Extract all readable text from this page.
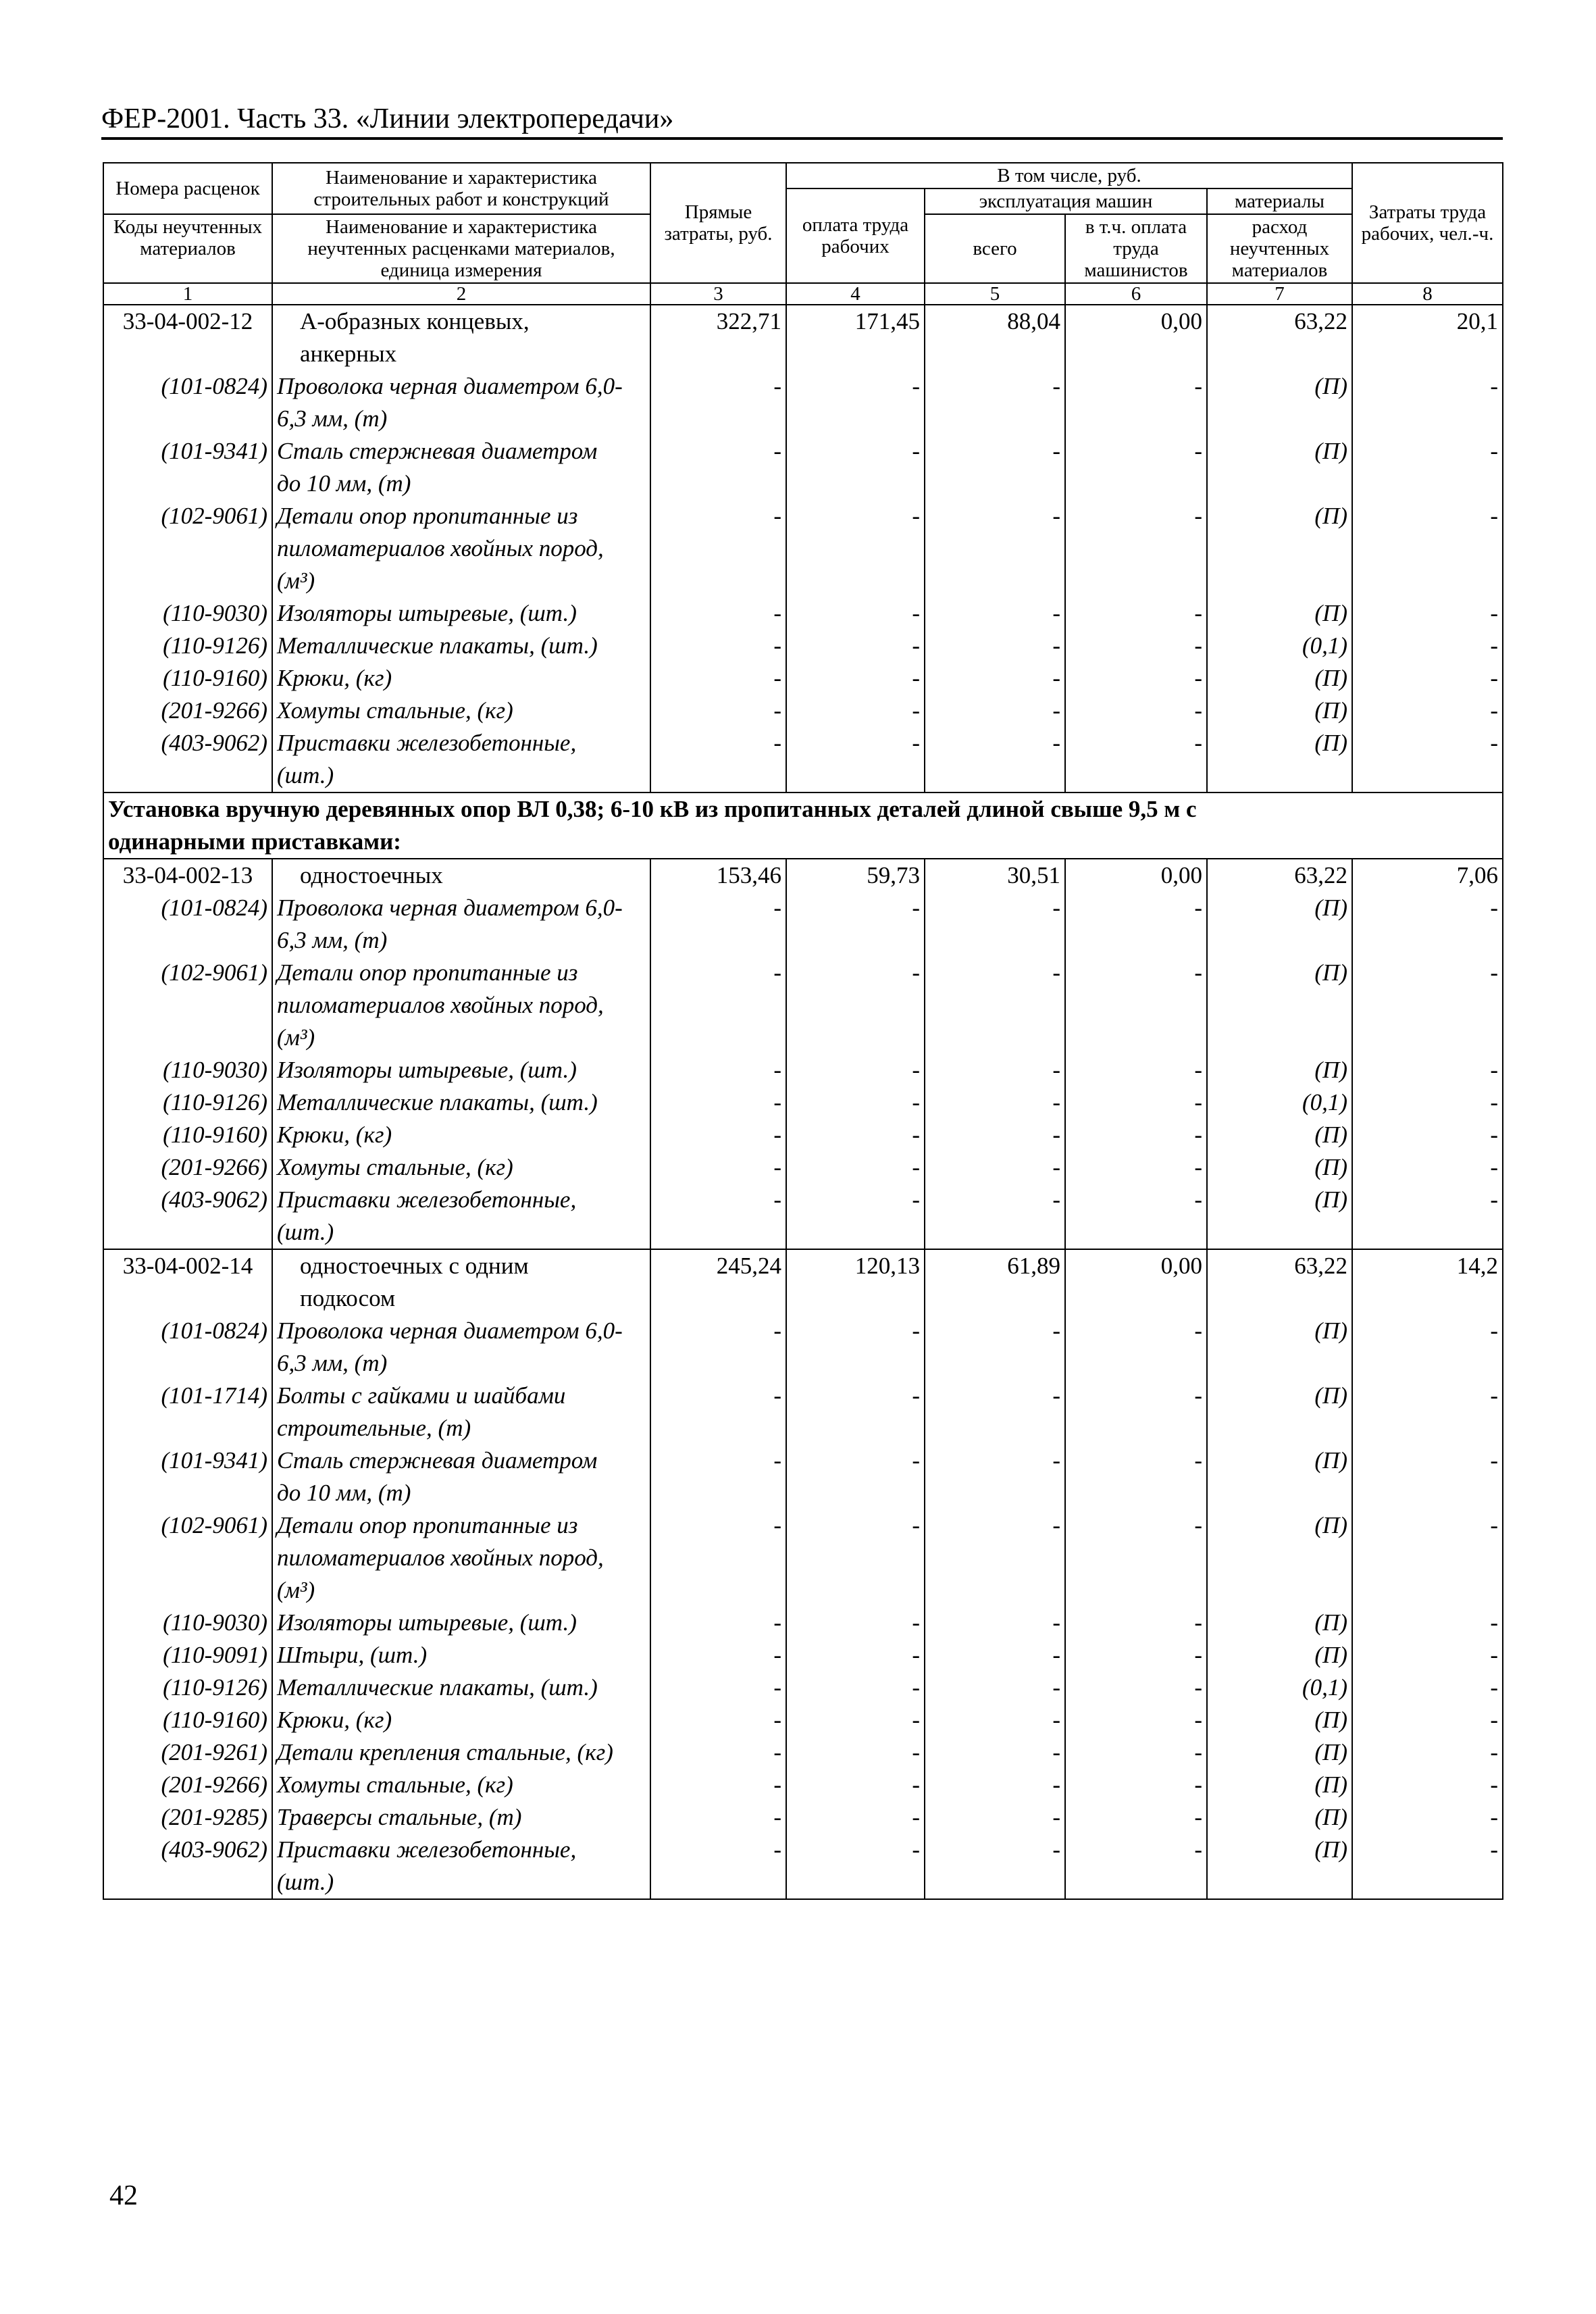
ФЕР-2001. Часть 33. «Линии электропередачи»
Номера расценок	Наименование и характеристика строительных работ и конструкций	Прямые затраты, руб.	В том числе, руб.				Затраты труда рабочих, чел.-ч.
			оплата труда рабочих	эксплуатация машин		материалы	
Коды неучтенных материалов	Наименование и характеристика неучтенных расценками материалов, единица измерения			всего	в т.ч. оплата труда машинистов	расход неучтенных материалов	

1	2	3	4	5	6	7	8
33-04-002-12	А-образных концевых,
анкерных	322,71	171,45	88,04	0,00	63,22	20,1
(101-0824)	Проволока черная диаметром 6,0-
6,3 мм, (т)	-	-	-	-	(П)	-
(101-9341)	Сталь стержневая диаметром
до 10 мм, (т)	-	-	-	-	(П)	-
(102-9061)	Детали опор пропитанные из
пиломатериалов хвойных пород,
(м³)	-	-	-	-	(П)	-
(110-9030)	Изоляторы штыревые, (шт.)	-	-	-	-	(П)	-
(110-9126)	Металлические плакаты, (шт.)	-	-	-	-	(0,1)	-
(110-9160)	Крюки, (кг)	-	-	-	-	(П)	-
(201-9266)	Хомуты стальные, (кг)	-	-	-	-	(П)	-
(403-9062)	Приставки железобетонные,
(шт.)	-	-	-	-	(П)	-

Установка вручную деревянных опор ВЛ 0,38; 6-10 кВ из пропитанных деталей длиной свыше 9,5 м с
одинарными приставками:							

33-04-002-13	одностоечных	153,46	59,73	30,51	0,00	63,22	7,06
(101-0824)	Проволока черная диаметром 6,0-
6,3 мм, (т)	-	-	-	-	(П)	-
(102-9061)	Детали опор пропитанные из
пиломатериалов хвойных пород,
(м³)	-	-	-	-	(П)	-
(110-9030)	Изоляторы штыревые, (шт.)	-	-	-	-	(П)	-
(110-9126)	Металлические плакаты, (шт.)	-	-	-	-	(0,1)	-
(110-9160)	Крюки, (кг)	-	-	-	-	(П)	-
(201-9266)	Хомуты стальные, (кг)	-	-	-	-	(П)	-
(403-9062)	Приставки железобетонные,
(шт.)	-	-	-	-	(П)	-
33-04-002-14	одностоечных с одним
подкосом	245,24	120,13	61,89	0,00	63,22	14,2
(101-0824)	Проволока черная диаметром 6,0-
6,3 мм, (т)	-	-	-	-	(П)	-
(101-1714)	Болты с гайками и шайбами
строительные, (т)	-	-	-	-	(П)	-
(101-9341)	Сталь стержневая диаметром
до 10 мм, (т)	-	-	-	-	(П)	-
(102-9061)	Детали опор пропитанные из
пиломатериалов хвойных пород,
(м³)	-	-	-	-	(П)	-
(110-9030)	Изоляторы штыревые, (шт.)	-	-	-	-	(П)	-
(110-9091)	Штыри, (шт.)	-	-	-	-	(П)	-
(110-9126)	Металлические плакаты, (шт.)	-	-	-	-	(0,1)	-
(110-9160)	Крюки, (кг)	-	-	-	-	(П)	-
(201-9261)	Детали крепления стальные, (кг)	-	-	-	-	(П)	-
(201-9266)	Хомуты стальные, (кг)	-	-	-	-	(П)	-
(201-9285)	Траверсы стальные, (т)	-	-	-	-	(П)	-
(403-9062)	Приставки железобетонные,
(шт.)	-	-	-	-	(П)	-
42
